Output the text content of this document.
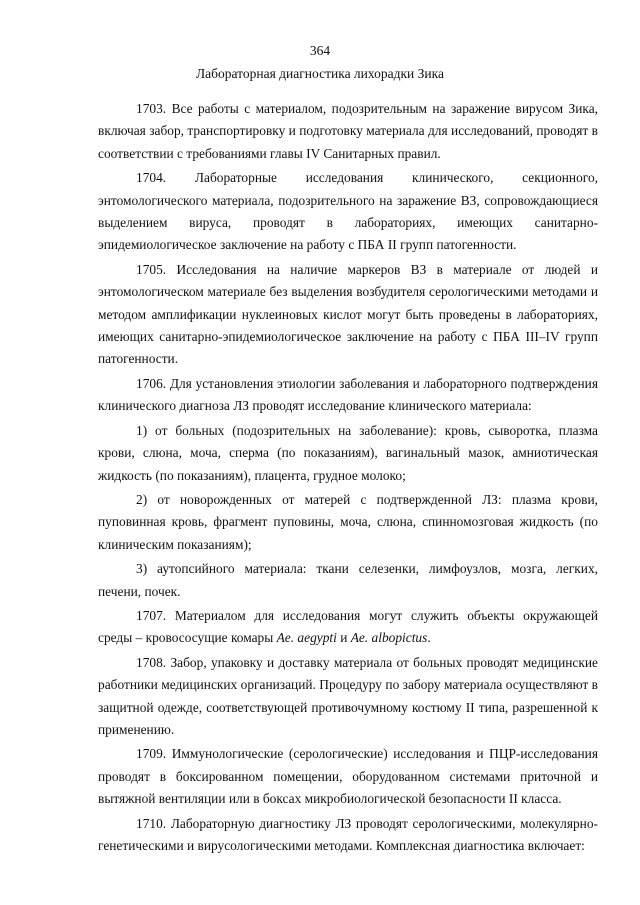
364
Лабораторная диагностика лихорадки Зика

1703. Все работы с материалом, подозрительным на заражение вирусом Зика, включая забор, транспортировку и подготовку материала для исследований, проводят в соответствии с требованиями главы IV Санитарных правил.

1704. Лабораторные исследования клинического, секционного, энтомологического материала, подозрительного на заражение ВЗ, сопровождающиеся выделением вируса, проводят в лабораториях, имеющих санитарно-эпидемиологическое заключение на работу с ПБА II групп патогенности.

1705. Исследования на наличие маркеров ВЗ в материале от людей и энтомологическом материале без выделения возбудителя серологическими методами и методом амплификации нуклеиновых кислот могут быть проведены в лабораториях, имеющих санитарно-эпидемиологическое заключение на работу с ПБА III–IV групп патогенности.

1706. Для установления этиологии заболевания и лабораторного подтверждения клинического диагноза ЛЗ проводят исследование клинического материала:

1) от больных (подозрительных на заболевание): кровь, сыворотка, плазма крови, слюна, моча, сперма (по показаниям), вагинальный мазок, амниотическая жидкость (по показаниям), плацента, грудное молоко;

2) от новорожденных от матерей с подтвержденной ЛЗ: плазма крови, пуповинная кровь, фрагмент пуповины, моча, слюна, спинномозговая жидкость (по клиническим показаниям);

3) аутопсийного материала: ткани селезенки, лимфоузлов, мозга, легких, печени, почек.

1707. Материалом для исследования могут служить объекты окружающей среды – кровососущие комары Ae. aegypti и Ae. albopictus.

1708. Забор, упаковку и доставку материала от больных проводят медицинские работники медицинских организаций. Процедуру по забору материала осуществляют в защитной одежде, соответствующей противочумному костюму II типа, разрешенной к применению.

1709. Иммунологические (серологические) исследования и ПЦР-исследования проводят в боксированном помещении, оборудованном системами приточной и вытяжной вентиляции или в боксах микробиологической безопасности II класса.

1710. Лабораторную диагностику ЛЗ проводят серологическими, молекулярно-генетическими и вирусологическими методами. Комплексная диагностика включает:
